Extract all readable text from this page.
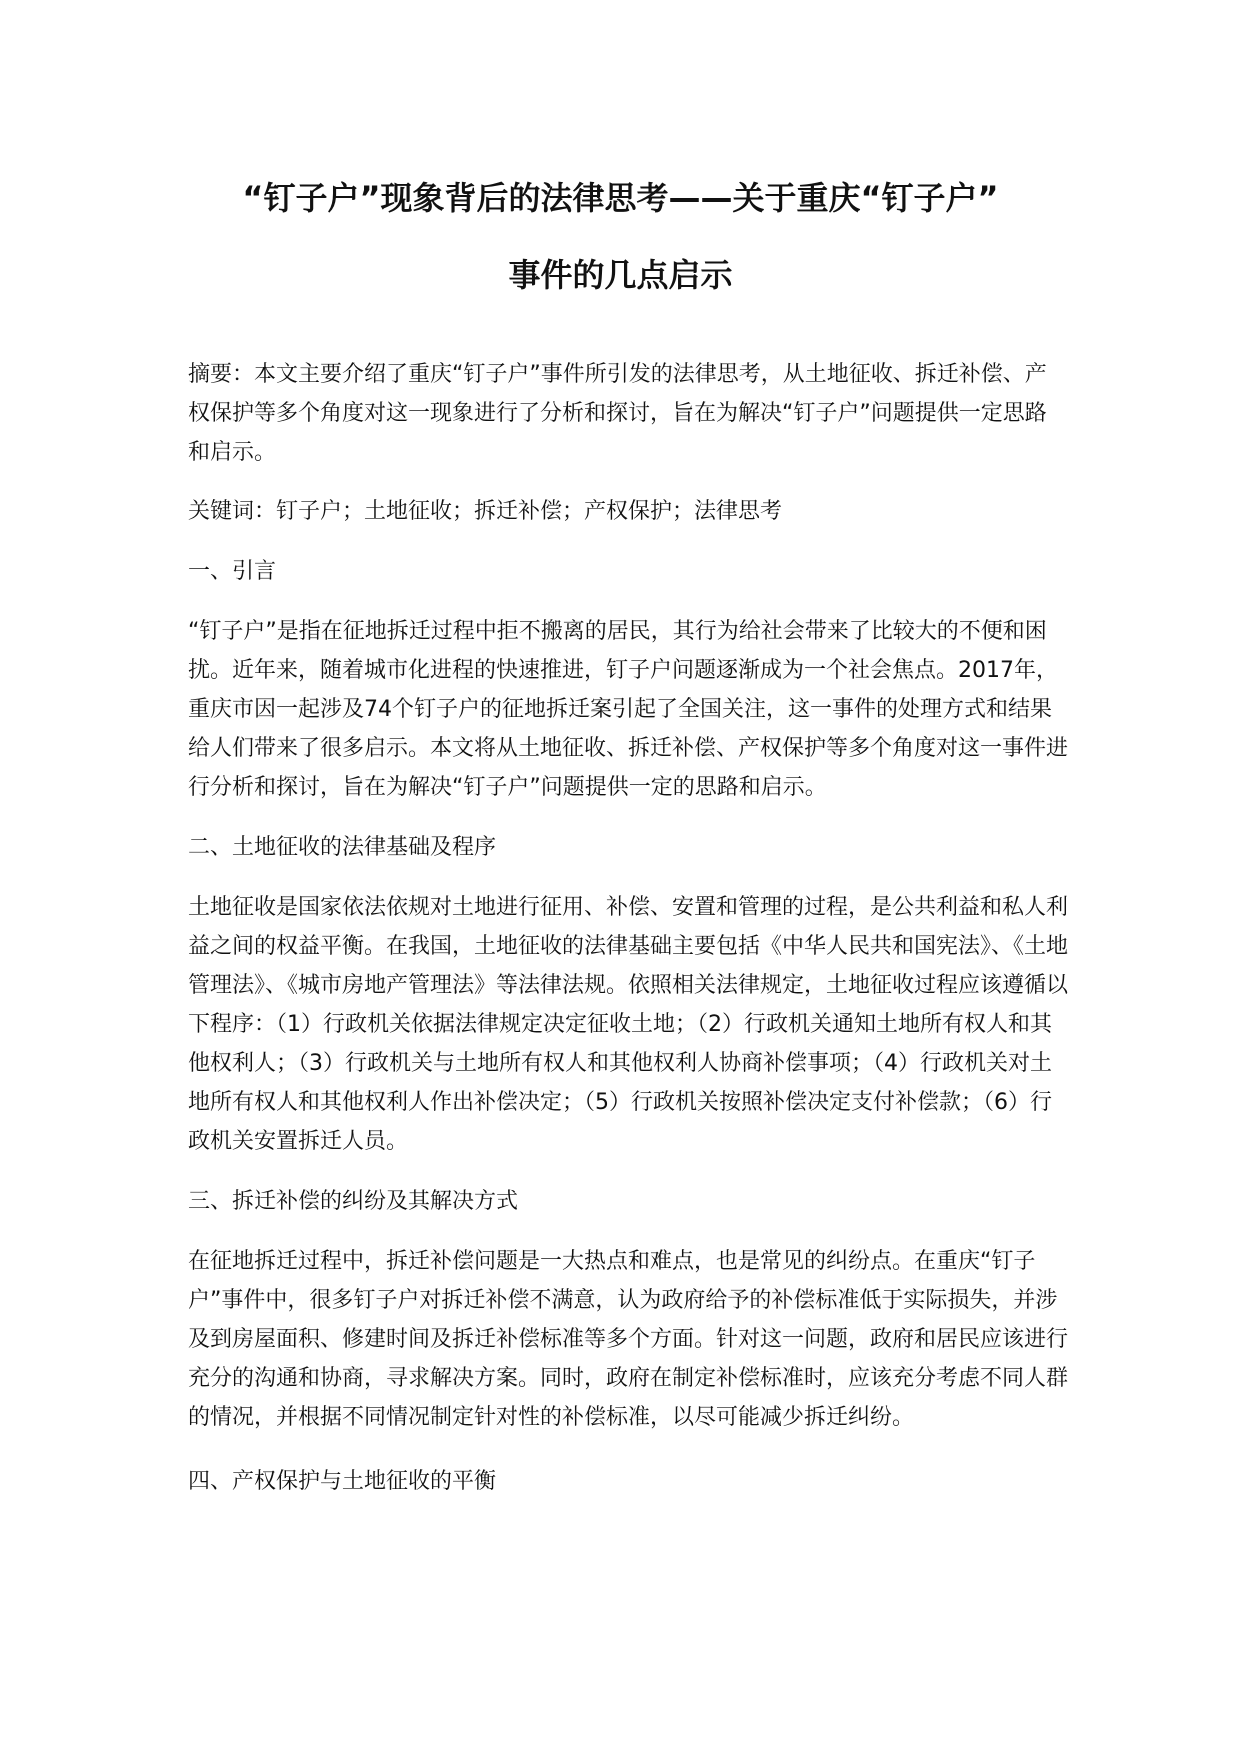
“钉子户”现象背后的法律思考——关于重庆“钉子户”
事件的几点启示

摘要：本文主要介绍了重庆“钉子户”事件所引发的法律思考，从土地征收、拆迁补偿、产权保护等多个角度对这一现象进行了分析和探讨，旨在为解决“钉子户”问题提供一定思路和启示。

关键词：钉子户；土地征收；拆迁补偿；产权保护；法律思考

一、引言

“钉子户”是指在征地拆迁过程中拒不搬离的居民，其行为给社会带来了比较大的不便和困扰。近年来，随着城市化进程的快速推进，钉子户问题逐渐成为一个社会焦点。2017年，重庆市因一起涉及74个钉子户的征地拆迁案引起了全国关注，这一事件的处理方式和结果给人们带来了很多启示。本文将从土地征收、拆迁补偿、产权保护等多个角度对这一事件进行分析和探讨，旨在为解决“钉子户”问题提供一定的思路和启示。

二、土地征收的法律基础及程序

土地征收是国家依法依规对土地进行征用、补偿、安置和管理的过程，是公共利益和私人利益之间的权益平衡。在我国，土地征收的法律基础主要包括《中华人民共和国宪法》、《土地管理法》、《城市房地产管理法》等法律法规。依照相关法律规定，土地征收过程应该遵循以下程序：（1）行政机关依据法律规定决定征收土地；（2）行政机关通知土地所有权人和其他权利人；（3）行政机关与土地所有权人和其他权利人协商补偿事项；（4）行政机关对土地所有权人和其他权利人作出补偿决定；（5）行政机关按照补偿决定支付补偿款；（6）行政机关安置拆迁人员。

三、拆迁补偿的纠纷及其解决方式

在征地拆迁过程中，拆迁补偿问题是一大热点和难点，也是常见的纠纷点。在重庆“钉子户”事件中，很多钉子户对拆迁补偿不满意，认为政府给予的补偿标准低于实际损失，并涉及到房屋面积、修建时间及拆迁补偿标准等多个方面。针对这一问题，政府和居民应该进行充分的沟通和协商，寻求解决方案。同时，政府在制定补偿标准时，应该充分考虑不同人群的情况，并根据不同情况制定针对性的补偿标准，以尽可能减少拆迁纠纷。

四、产权保护与土地征收的平衡
